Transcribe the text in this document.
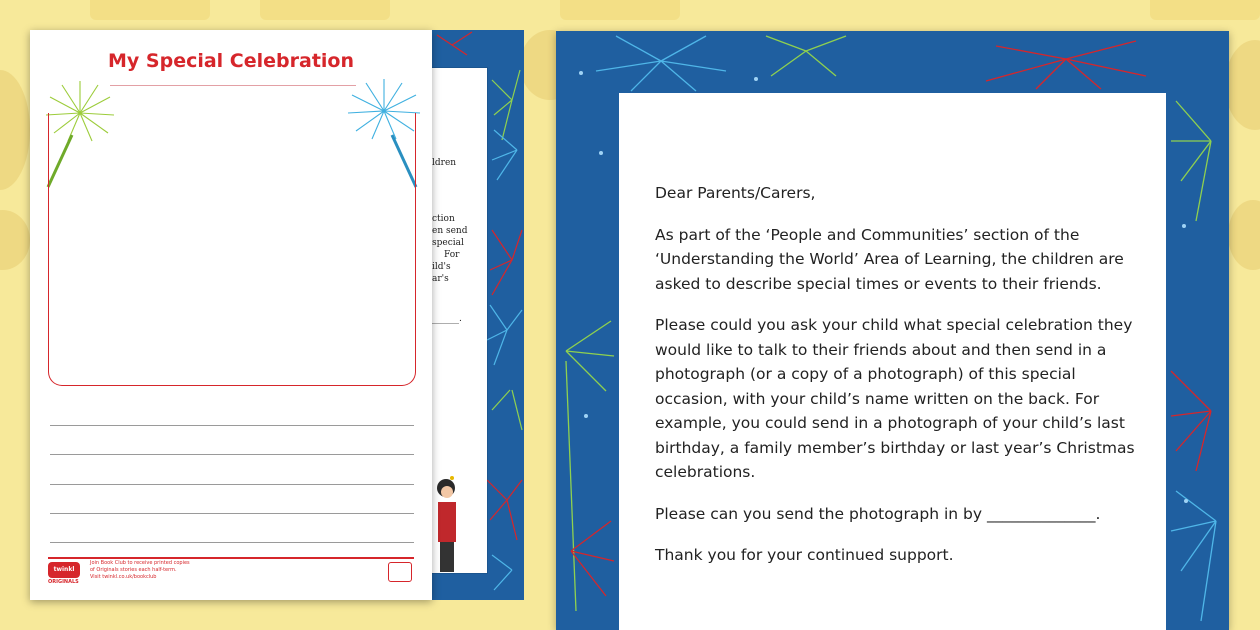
ldren
ction
en send
special
For
ild's
ar's
______.
My Special Celebration
twinkl
ORIGINALS
Join Book Club to receive printed copies
of Originals stories each half-term.
Visit twinkl.co.uk/bookclub

Dear Parents/Carers,

As part of the ‘People and Communities’ section of the ‘Understanding the World’ Area of Learning, the children are asked to describe special times or events to their friends.

Please could you ask your child what special celebration they would like to talk to their friends about and then send in a photograph (or a copy of a photograph) of this special occasion, with your child’s name written on the back. For example, you could send in a photograph of your child’s last birthday, a family member’s birthday or last year’s Christmas celebrations.

Please can you send the photograph in by ______________.

Thank you for your continued support.
